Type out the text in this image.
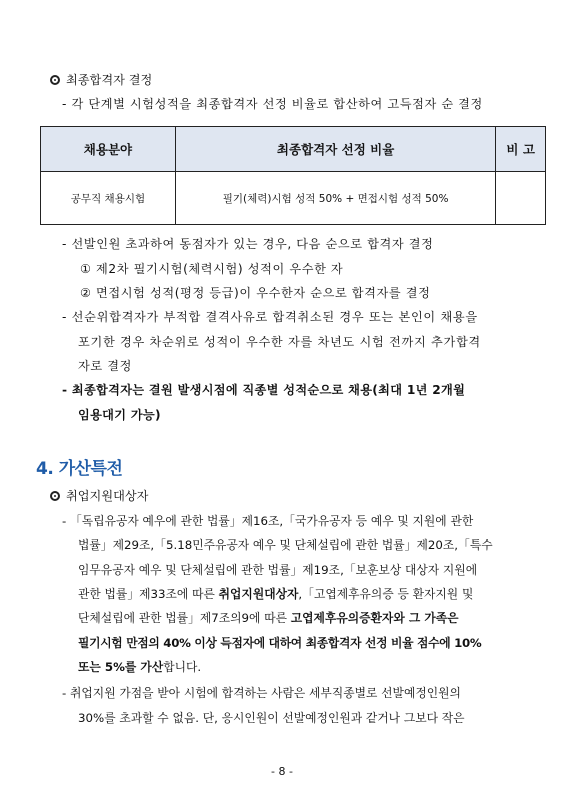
최종합격자 결정
- 각 단계별 시험성적을 최종합격자 선정 비율로 합산하여 고득점자 순 결정
채용분야	최종합격자 선정 비율	비 고
공무직 채용시험	필기(체력)시험 성적 50% + 면접시험 성적 50%	
- 선발인원 초과하여 동점자가 있는 경우, 다음 순으로 합격자 결정
① 제2차 필기시험(체력시험) 성적이 우수한 자
② 면접시험 성적(평정 등급)이 우수한자 순으로 합격자를 결정
- 선순위합격자가 부적합 결격사유로 합격취소된 경우 또는 본인이 채용을
포기한 경우 차순위로 성적이 우수한 자를 차년도 시험 전까지 추가합격
자로 결정
- 최종합격자는 결원 발생시점에 직종별 성적순으로 채용(최대 1년 2개월
임용대기 가능)
4. 가산특전
취업지원대상자
- 「독립유공자 예우에 관한 법률」제16조,「국가유공자 등 예우 및 지원에 관한
법률」제29조,「5.18민주유공자 예우 및 단체설립에 관한 법률」제20조,「특수
임무유공자 예우 및 단체설립에 관한 법률」제19조,「보훈보상 대상자 지원에
관한 법률」제33조에 따른 취업지원대상자,「고엽제후유의증 등 환자지원 및
단체설립에 관한 법률」제7조의9에 따른 고엽제후유의증환자와 그 가족은
필기시험 만점의 40% 이상 득점자에 대하여 최종합격자 선정 비율 점수에 10%
또는 5%를 가산합니다.
- 취업지원 가점을 받아 시험에 합격하는 사람은 세부직종별로 선발예정인원의
30%를 초과할 수 없음. 단, 응시인원이 선발예정인원과 같거나 그보다 작은
- 8 -
